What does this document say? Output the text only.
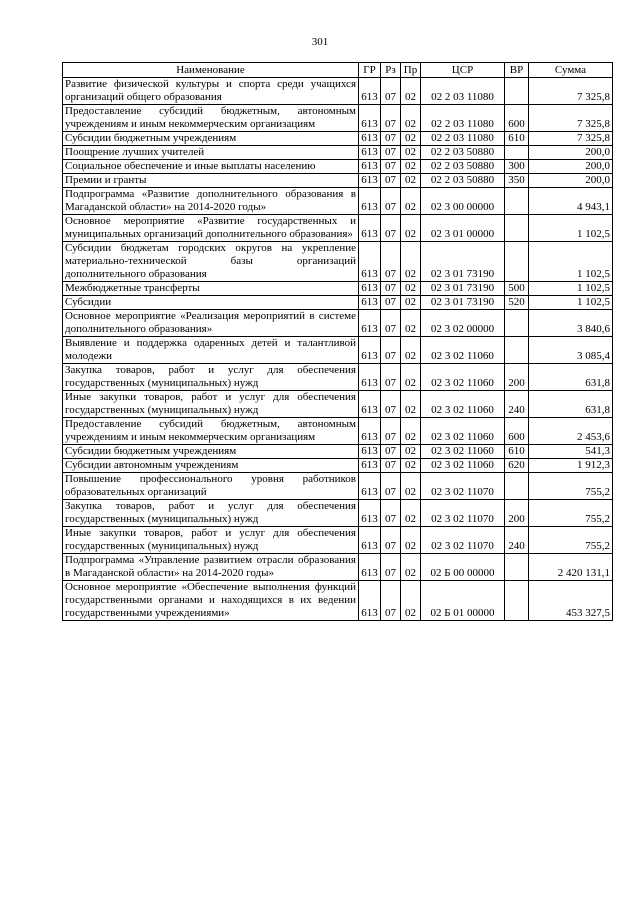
301
Наименование	ГР	Рз	Пр	ЦСР	ВР	Сумма
Развитие физической культуры и спорта среди учащихся организаций общего образования	613	07	02	02 2 03 11080		7 325,8
Предоставление субсидий бюджетным, автономным учреждениям и иным некоммерческим организациям	613	07	02	02 2 03 11080	600	7 325,8
Субсидии бюджетным учреждениям	613	07	02	02 2 03 11080	610	7 325,8
Поощрение лучших учителей	613	07	02	02 2 03 50880		200,0
Социальное обеспечение и иные выплаты населению	613	07	02	02 2 03 50880	300	200,0
Премии и гранты	613	07	02	02 2 03 50880	350	200,0
Подпрограмма «Развитие дополнительного образования в Магаданской области» на 2014-2020 годы»	613	07	02	02 3 00 00000		4 943,1
Основное мероприятие «Развитие государственных и муниципальных организаций дополнительного образования»	613	07	02	02 3 01 00000		1 102,5
Субсидии бюджетам городских округов на укрепление материально-технической базы организаций дополнительного образования	613	07	02	02 3 01 73190		1 102,5
Межбюджетные трансферты	613	07	02	02 3 01 73190	500	1 102,5
Субсидии	613	07	02	02 3 01 73190	520	1 102,5
Основное мероприятие «Реализация мероприятий в системе дополнительного образования»	613	07	02	02 3 02 00000		3 840,6
Выявление и поддержка одаренных детей и талантливой молодежи	613	07	02	02 3 02 11060		3 085,4
Закупка товаров, работ и услуг для обеспечения государственных (муниципальных) нужд	613	07	02	02 3 02 11060	200	631,8
Иные закупки товаров, работ и услуг для обеспечения государственных (муниципальных) нужд	613	07	02	02 3 02 11060	240	631,8
Предоставление субсидий бюджетным, автономным учреждениям и иным некоммерческим организациям	613	07	02	02 3 02 11060	600	2 453,6
Субсидии бюджетным учреждениям	613	07	02	02 3 02 11060	610	541,3
Субсидии автономным учреждениям	613	07	02	02 3 02 11060	620	1 912,3
Повышение профессионального уровня работников образовательных организаций	613	07	02	02 3 02 11070		755,2
Закупка товаров, работ и услуг для обеспечения государственных (муниципальных) нужд	613	07	02	02 3 02 11070	200	755,2
Иные закупки товаров, работ и услуг для обеспечения государственных (муниципальных) нужд	613	07	02	02 3 02 11070	240	755,2
Подпрограмма «Управление развитием отрасли образования в Магаданской области» на 2014-2020 годы»	613	07	02	02 Б 00 00000		2 420 131,1
Основное мероприятие «Обеспечение выполнения функций государственными органами и находящихся в их ведении государственными учреждениями»	613	07	02	02 Б 01 00000		453 327,5
